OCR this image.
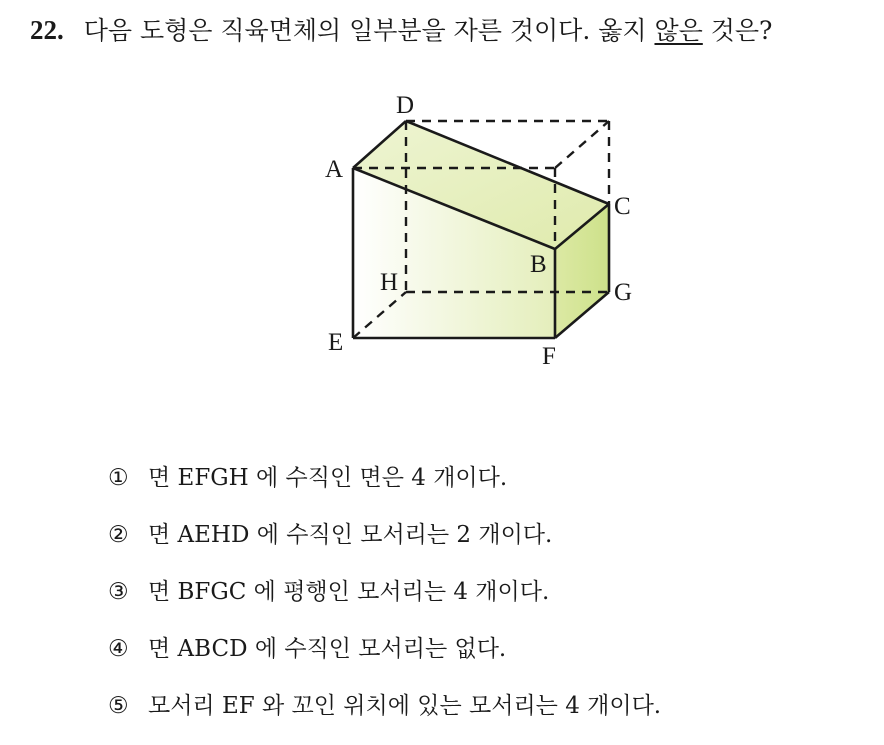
22. 다음 도형은 직육면체의 일부분을 자른 것이다. 옳지 않은 것은?
D
A
C
B
H	G
E
F
① 면 EFGH 에 수직인 면은 4 개이다.
② 면 AEHD 에 수직인 모서리는 2 개이다.
③ 면 BFGC 에 평행인 모서리는 4 개이다.
④ 면 ABCD 에 수직인 모서리는 없다.
⑤ 모서리 EF 와 꼬인 위치에 있는 모서리는 4 개이다.
